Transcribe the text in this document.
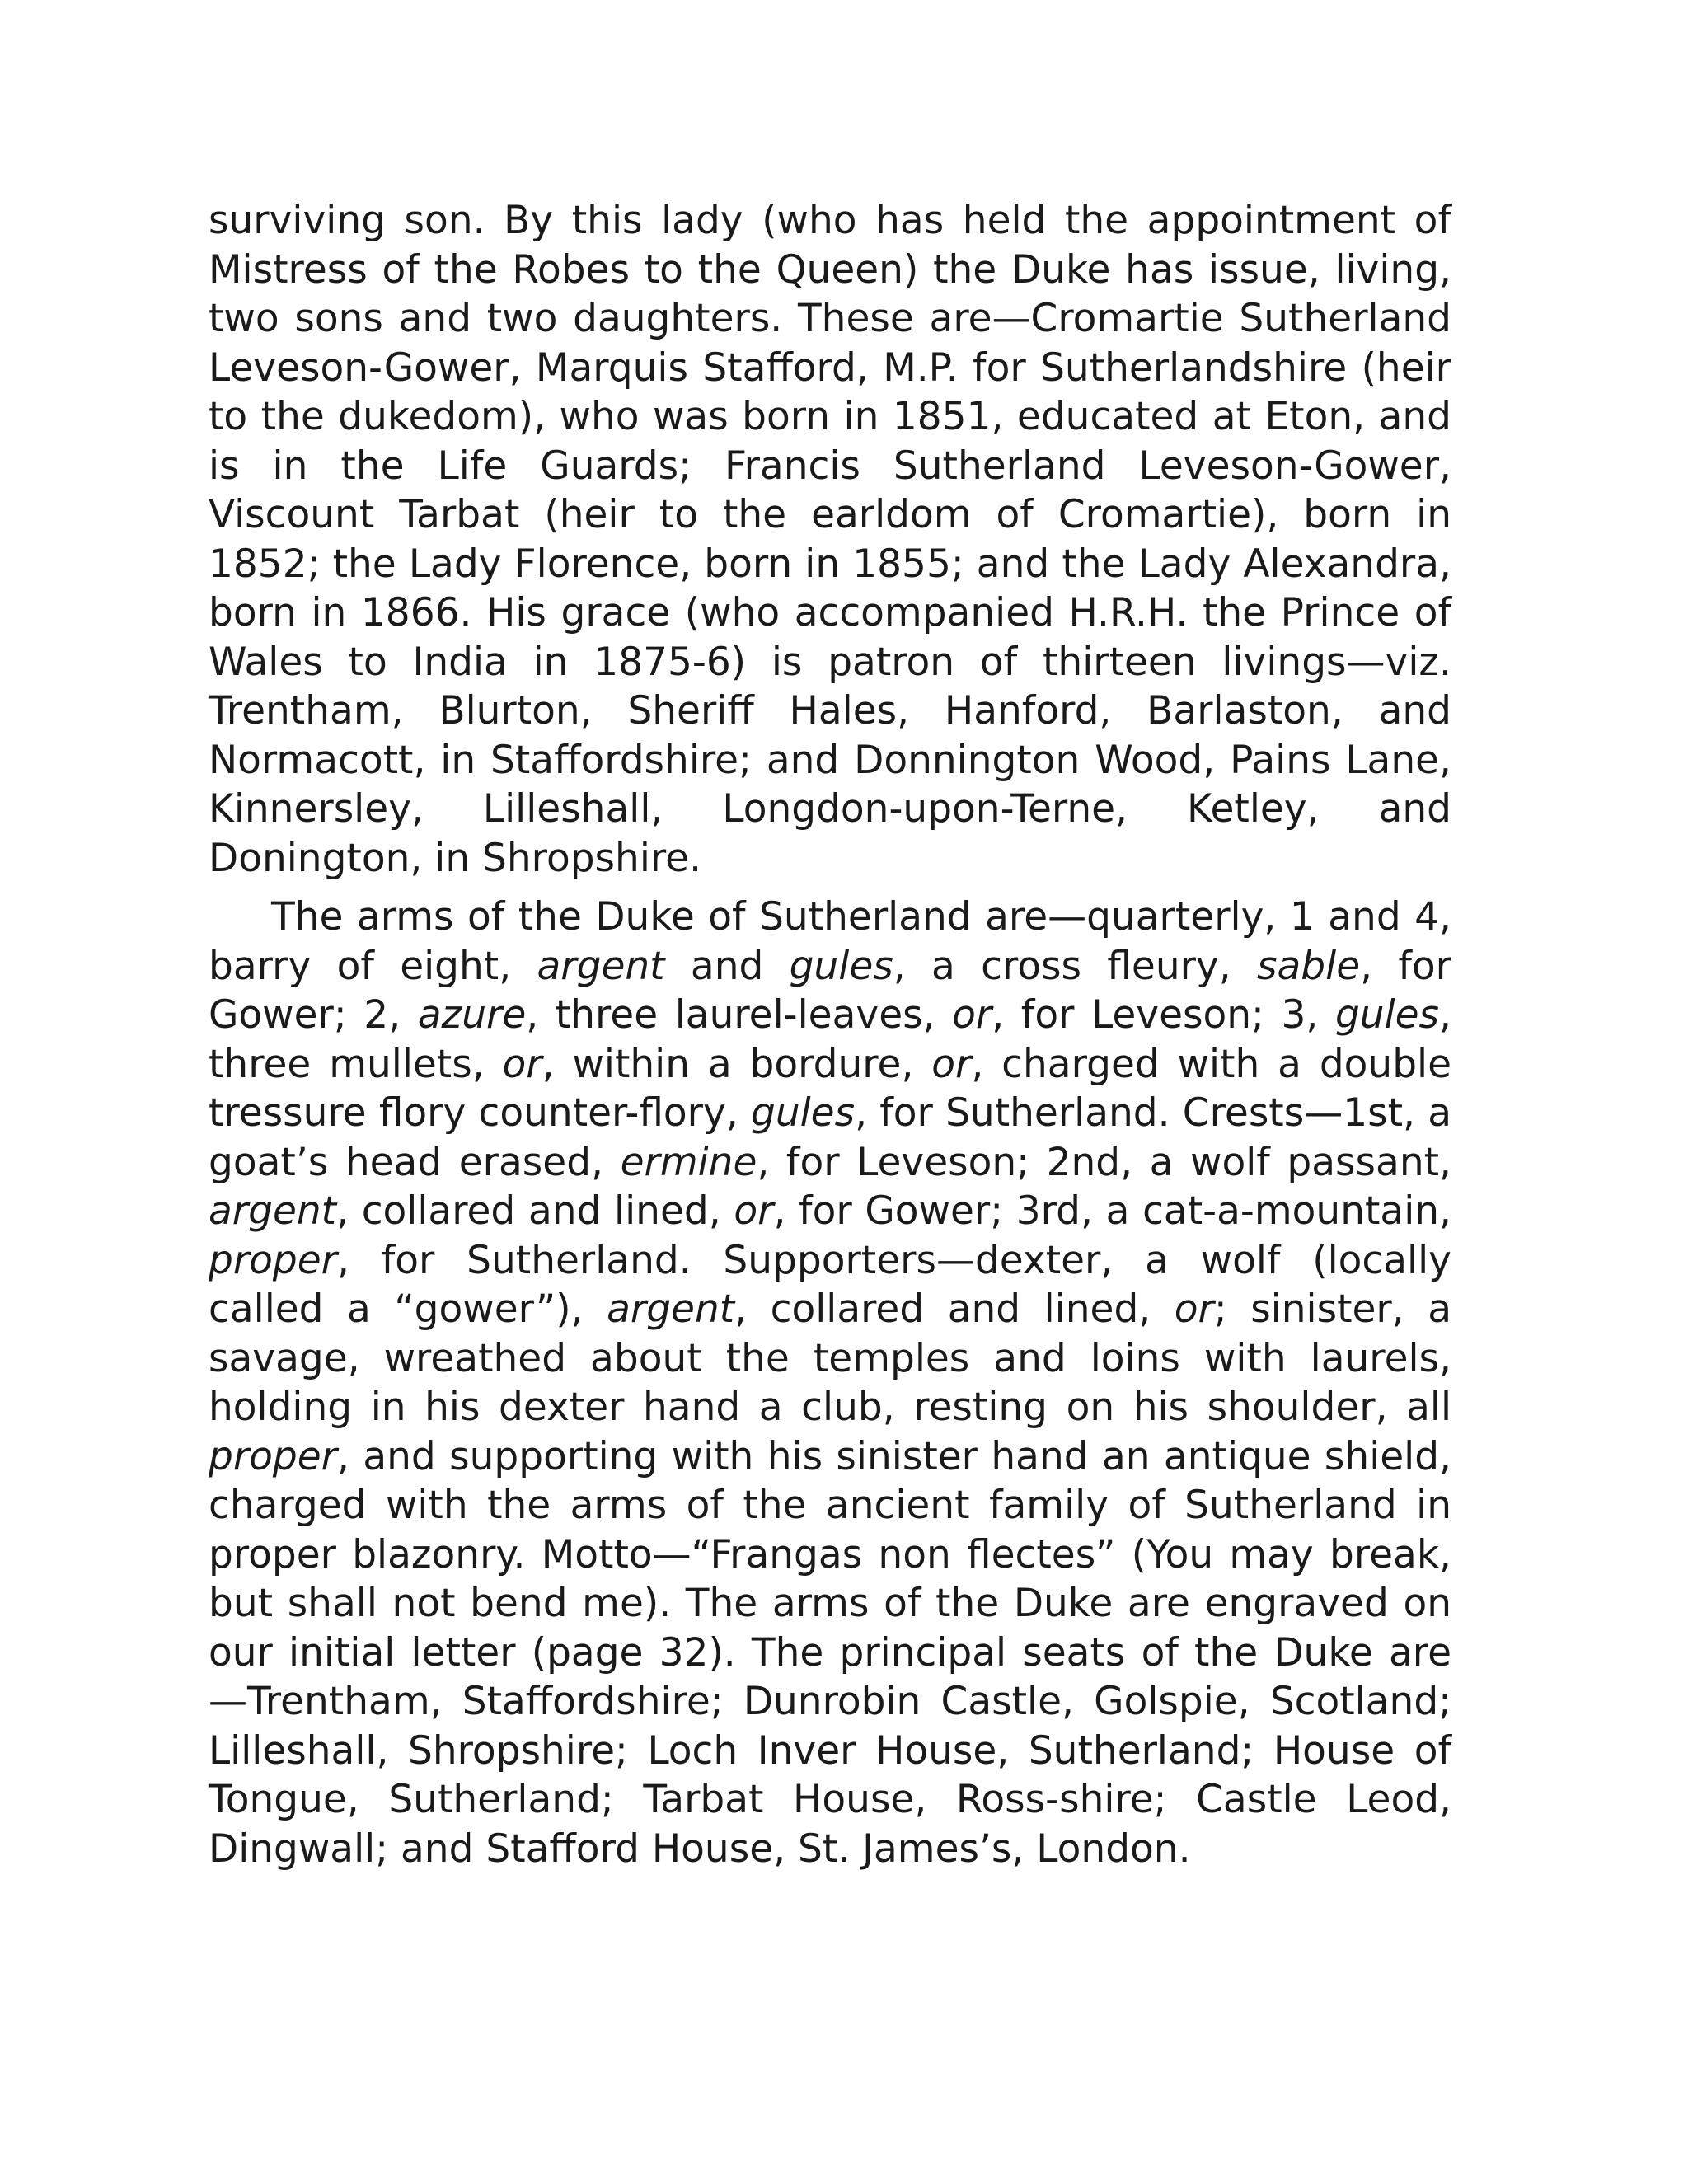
surviving son. By this lady (who has held the appointment of Mistress of the Robes to the Queen) the Duke has issue, living, two sons and two daughters. These are—Cromartie Sutherland Leveson-Gower, Marquis Stafford, M.P. for Sutherlandshire (heir to the dukedom), who was born in 1851, educated at Eton, and is in the Life Guards; Francis Sutherland Leveson-Gower, Viscount Tarbat (heir to the earldom of Cromartie), born in 1852; the Lady Florence, born in 1855; and the Lady Alexandra, born in 1866. His grace (who accompanied H.R.H. the Prince of Wales to India in 1875-6) is patron of thirteen livings—viz. Trentham, Blurton, Sheriff Hales, Hanford, Barlaston, and Normacott, in Staffordshire; and Donnington Wood, Pains Lane, Kinnersley, Lilleshall, Longdon-upon-Terne, Ketley, and Donington, in Shropshire.

The arms of the Duke of Sutherland are—quarterly, 1 and 4, barry of eight, argent and gules, a cross fleury, sable, for Gower; 2, azure, three laurel-leaves, or, for Leveson; 3, gules, three mullets, or, within a bordure, or, charged with a double tressure flory counter-flory, gules, for Sutherland. Crests—1st, a goat’s head erased, ermine, for Leveson; 2nd, a wolf passant, argent, collared and lined, or, for Gower; 3rd, a cat-a-mountain, proper, for Sutherland. Supporters—dexter, a wolf (locally called a “gower”), argent, collared and lined, or; sinister, a savage, wreathed about the temples and loins with laurels, holding in his dexter hand a club, resting on his shoulder, all proper, and supporting with his sinister hand an antique shield, charged with the arms of the ancient family of Sutherland in proper blazonry. Motto—“Frangas non flectes” (You may break, but shall not bend me). The arms of the Duke are engraved on our initial letter (page 32). The principal seats of the Duke are—Trentham, Staffordshire; Dunrobin Castle, Golspie, Scotland; Lilleshall, Shropshire; Loch Inver House, Sutherland; House of Tongue, Sutherland; Tarbat House, Ross-shire; Castle Leod, Dingwall; and Stafford House, St. James’s, London.
